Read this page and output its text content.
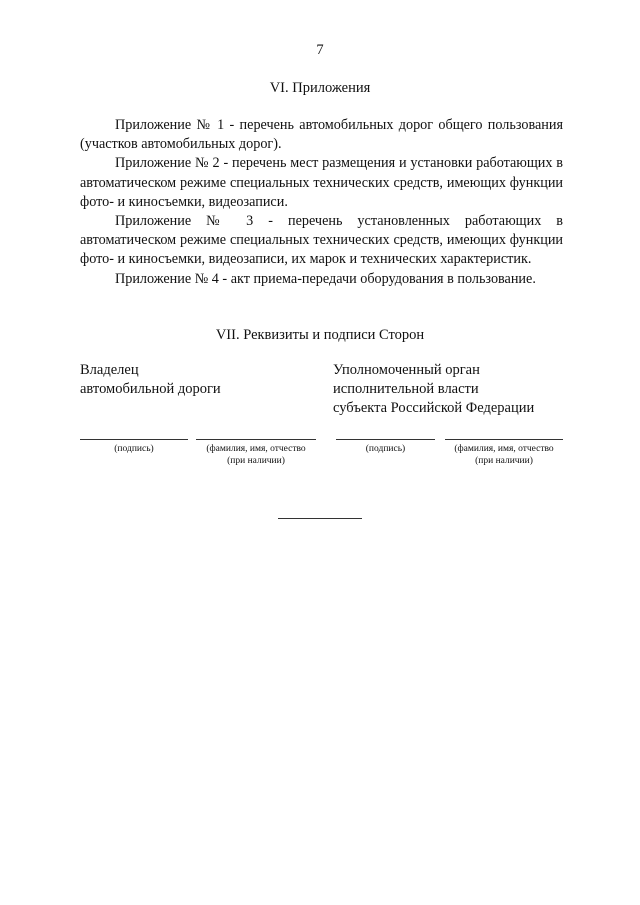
7
VI. Приложения

Приложение № 1 - перечень автомобильных дорог общего пользования (участков автомобильных дорог).

Приложение № 2 - перечень мест размещения и установки работающих в автоматическом режиме специальных технических средств, имеющих функции фото- и киносъемки, видеозаписи.

Приложение № 3 - перечень установленных работающих в автоматическом режиме специальных технических средств, имеющих функции фото- и киносъемки, видеозаписи, их марок и технических характеристик.

Приложение № 4 - акт приема-передачи оборудования в пользование.

VII. Реквизиты и подписи Сторон
Владелец
автомобильной дороги
Уполномоченный орган
исполнительной власти
субъекта Российской Федерации
(подпись)	(фамилия, имя, отчество
(при наличии)
(подпись)	(фамилия, имя, отчество
(при наличии)
